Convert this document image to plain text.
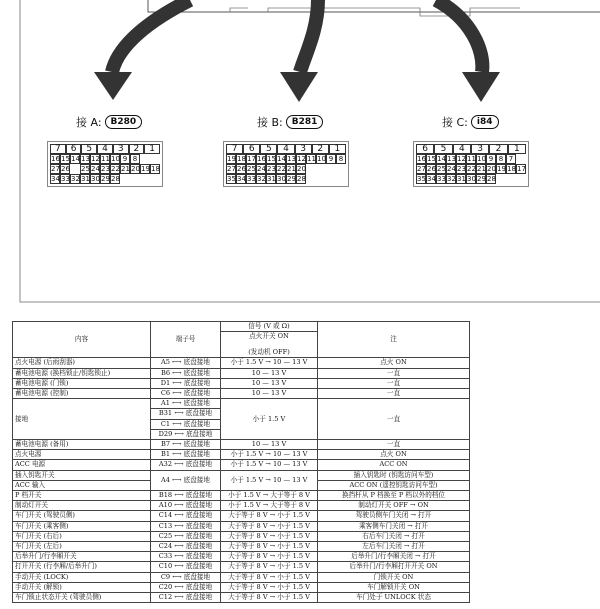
接 A:	B280	接 B:	B281	接 C:	i84
7	6	5	4	3	2	1
16 15 14 13 12 11 10 9 8
27 26 25 24 23 22 21 20 19 18
34 33 32 31 30 29 28
7	6	5	4	3	2	1
19 18 17 16 15 14 13 12 11 10 9 8
27 26 25 24 23 22 21 20
35 34 33 32 31 30 29 28
6	5	4	3	2	1
16 15 14 13 12 11 10 9 8 7
27 26 25 24 23 22 21 20 19 18 17
35 34 33 32 31 30 29 28
内容	端子号	信号 (V 或 Ω)	注
		点火开关 ON	
		(发动机 OFF)	
点火电源 (后雨刮器)	A5 ⟷ 底盘接地	小于 1.5 V → 10 — 13 V	点火 ON
蓄电池电源 (换档锁止/钥匙锁止)	B6 ⟷ 底盘接地	10 — 13 V	一直
蓄电池电源 (门锁)	D1 ⟷ 底盘接地	10 — 13 V	一直
蓄电池电源 (控制)	C6 ⟷ 底盘接地	10 — 13 V	一直
接地	A1 ⟷ 底盘接地	小于 1.5 V	一直
	B31 ⟷ 底盘接地		
	C1 ⟷ 底盘接地		
	D29 ⟷ 底盘接地		
蓄电池电源 (备用)	B7 ⟷ 底盘接地	10 — 13 V	一直
点火电源	B1 ⟷ 底盘接地	小于 1.5 V → 10 — 13 V	点火 ON
ACC 电源	A32 ⟷ 底盘接地	小于 1.5 V → 10 — 13 V	ACC ON
插入钥匙开关	A4 ⟷ 底盘接地	小于 1.5 V → 10 — 13 V	插入钥匙时 (钥匙访问车型)
ACC 输入			ACC ON (遥控钥匙访问车型)
P 档开关	B18 ⟷ 底盘接地	小于 1.5 V → 大于等于 8 V	换挡杆从 P 档换至 P 档以外的档位
制动灯开关	A10 ⟷ 底盘接地	小于 1.5 V → 大于等于 8 V	制动灯开关 OFF → ON
车门开关 (驾驶员侧)	C14 ⟷ 底盘接地	大于等于 8 V → 小于 1.5 V	驾驶员侧车门关闭 → 打开
车门开关 (乘客侧)	C13 ⟷ 底盘接地	大于等于 8 V → 小于 1.5 V	乘客侧车门关闭 → 打开
车门开关 (右后)	C25 ⟷ 底盘接地	大于等于 8 V → 小于 1.5 V	右后车门关闭 → 打开
车门开关 (左后)	C24 ⟷ 底盘接地	大于等于 8 V → 小于 1.5 V	左后车门关闭 → 打开
后举升门/行李厢开关	C33 ⟷ 底盘接地	大于等于 8 V → 小于 1.5 V	后举升门/行李厢关闭 → 打开
打开开关 (行李厢/后举升门)	C10 ⟷ 底盘接地	大于等于 8 V → 小于 1.5 V	后举升门/行李厢打开开关 ON
手动开关 (LOCK)	C9 ⟷ 底盘接地	大于等于 8 V → 小于 1.5 V	门锁开关 ON
手动开关 (解锁)	C20 ⟷ 底盘接地	大于等于 8 V → 小于 1.5 V	车门解锁开关 ON
车门锁止状态开关 (驾驶员侧)	C12 ⟷ 底盘接地	大于等于 8 V → 小于 1.5 V	车门处于 UNLOCK 状态
